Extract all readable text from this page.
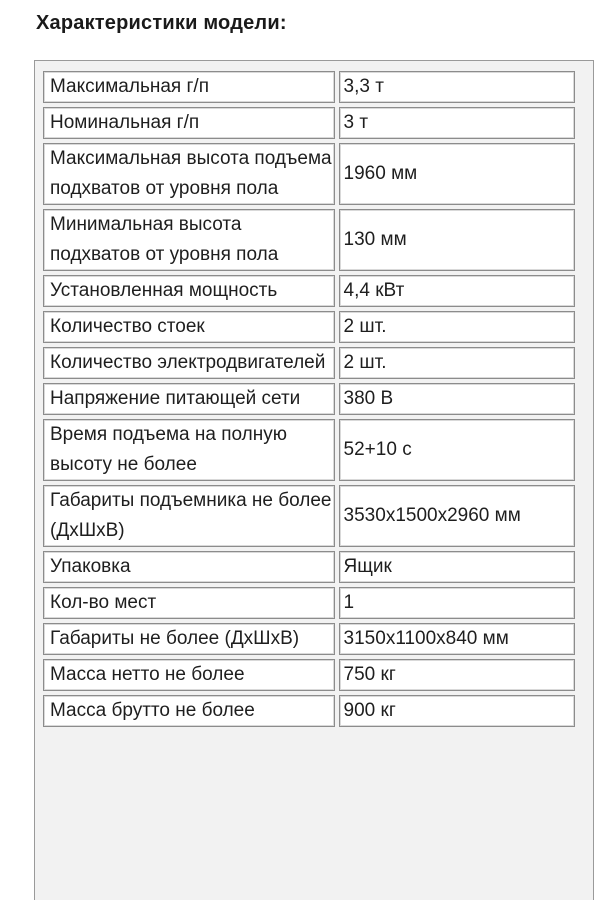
Характеристики модели:
Максимальная г/п	3,3 т
Номинальная г/п	3 т
Максимальная высота подъема подхватов от уровня пола	1960 мм
Минимальная высота подхватов от уровня пола	130 мм
Установленная мощность	4,4 кВт
Количество стоек	2 шт.
Количество электродвигателей	2 шт.
Напряжение питающей сети	380 В
Время подъема на полную высоту не более	52+10 с
Габариты подъемника не более (ДхШхВ)	3530x1500x2960 мм
Упаковка	Ящик
Кол-во мест	1
Габариты не более (ДхШхВ)	3150x1100x840 мм
Масса нетто не более	750 кг
Масса брутто не более	900 кг
